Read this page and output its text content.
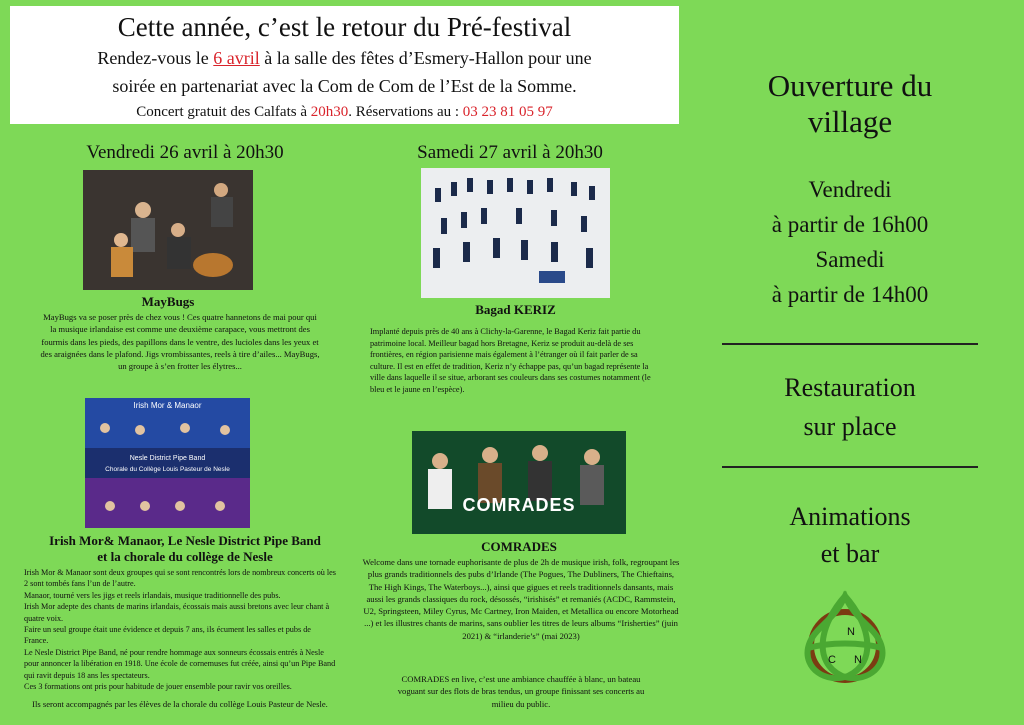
Cette année, c’est le retour du Pré-festival
Rendez-vous le 6 avril à la salle des fêtes d’Esmery-Hallon pour une
soirée en partenariat avec la Com de Com de l’Est de la Somme.
Concert gratuit des Calfats à 20h30. Réservations au : 03 23 81 05 97
Vendredi 26 avril à 20h30
MayBugs
MayBugs va se poser près de chez vous ! Ces quatre hannetons de mai pour qui la musique irlandaise est comme une deuxième carapace, vous mettront des fourmis dans les pieds, des papillons dans le ventre, des lucioles dans les yeux et des araignées dans le plafond. Jigs vrombissantes, reels à tire d’ailes... MayBugs, un groupe à s’en frotter les élytres...
Irish Mor & Manaor
Nesle District Pipe Band
Chorale du Collège Louis Pasteur de Nesle
Irish Mor& Manaor, Le Nesle District Pipe Band
et la chorale du collège de Nesle
Irish Mor & Manaor sont deux groupes qui se sont rencontrés lors de nombreux concerts où les 2 sont tombés fans l’un de l’autre.
Manaor, tourné vers les jigs et reels irlandais, musique traditionnelle des pubs.
Irish Mor adepte des chants de marins irlandais, écossais mais aussi bretons avec leur chant à quatre voix.
Faire un seul groupe était une évidence et depuis 7 ans, ils écument les salles et pubs de France.
Le Nesle District Pipe Band, né pour rendre hommage aux sonneurs écossais entrés à Nesle pour annoncer la libération en 1918. Une école de cornemuses fut créée, ainsi qu’un Pipe Band qui ravit depuis 18 ans les spectateurs.
Ces 3 formations ont pris pour habitude de jouer ensemble pour ravir vos oreilles.
Ils seront accompagnés par les élèves de la chorale du collège Louis Pasteur de Nesle.
Samedi 27 avril à 20h30
Bagad KERIZ
Implanté depuis près de 40 ans à Clichy-la-Garenne, le Bagad Keriz fait partie du patrimoine local. Meilleur bagad hors Bretagne, Keriz se produit au-delà de ses frontières, en région parisienne mais également à l’étranger où il fait parler de sa culture. Il est en effet de tradition, Keriz n’y échappe pas, qu’un bagad représente la ville dans laquelle il se situe, arborant ses couleurs dans ses costumes notamment (le bleu et le jaune en l’espèce).
COMRADES
COMRADES
Welcome dans une tornade euphorisante de plus de 2h de musique irish, folk, regroupant les plus grands traditionnels des pubs d’Irlande (The Pogues, The Dubliners, The Chieftains, The High Kings, The Waterboys...), ainsi que gigues et reels traditionnels dansants, mais aussi les grands classiques du rock, désossés, “irishisés” et remaniés (ACDC, Rammstein, U2, Springsteen, Miley Cyrus, Mc Cartney, Iron Maiden, et Metallica ou encore Motorhead ...) et les illustres chants de marins, sans oublier les titres de leurs albums “Irisherties” (juin 2021) & “irlanderie’s” (mai 2023)
COMRADES en live, c’est une ambiance chauffée à blanc, un bateau voguant sur des flots de bras tendus, un groupe finissant ses concerts au milieu du public.
Ouverture du
village
Vendredi
à partir de 16h00
Samedi
à partir de 14h00
Restauration
sur place
Animations
et bar
N
N
C
